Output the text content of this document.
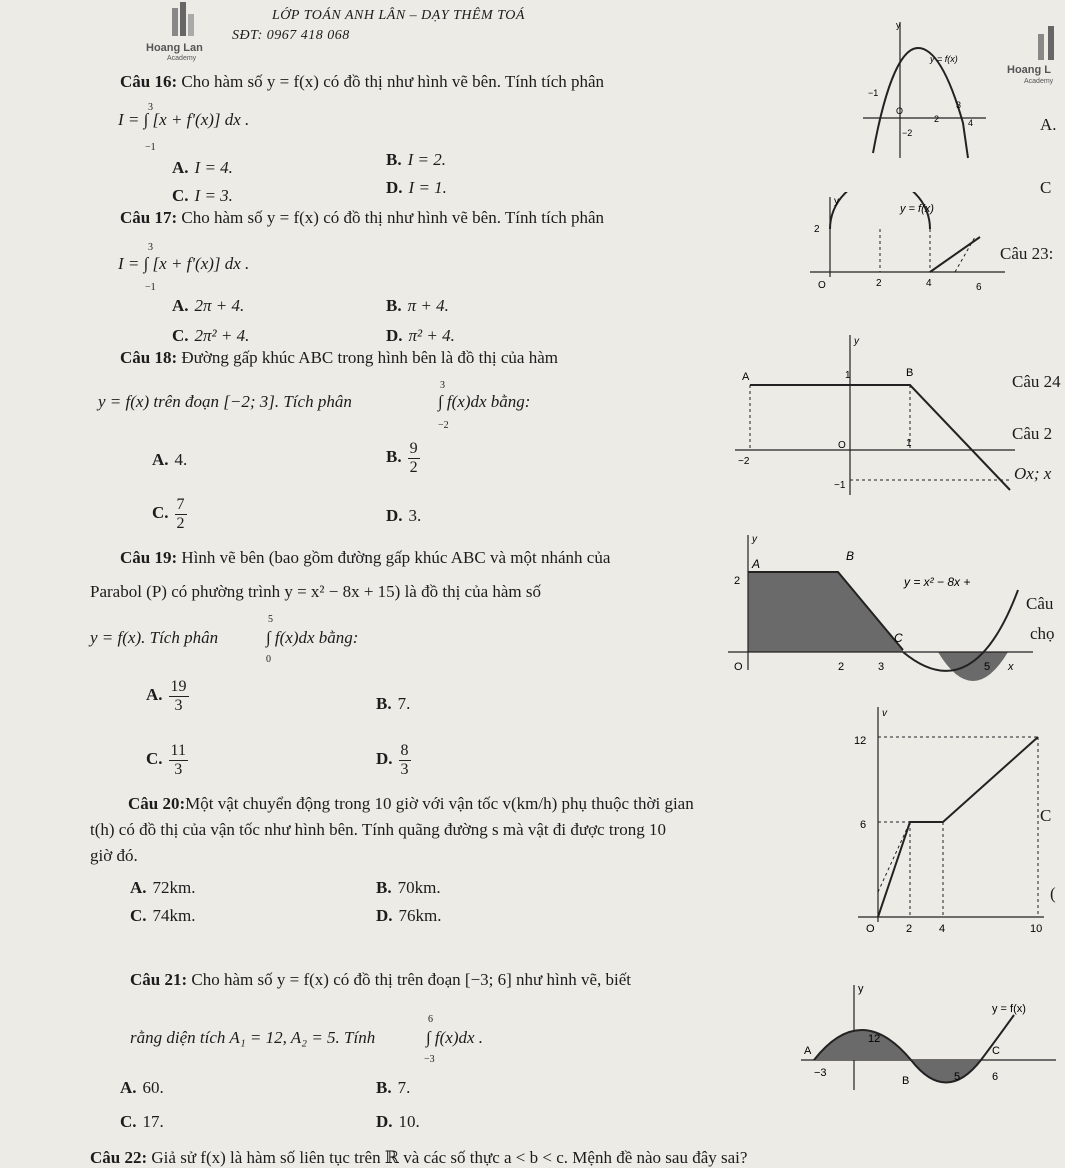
LỚP TOÁN ANH LÂN – DẠY THÊM TOÁ
SĐT: 0967 418 068
Hoang Lan
Academy
Câu 16: Cho hàm số y = f(x) có đồ thị như hình vẽ bên. Tính tích phân
3
−1
I = ∫ [x + f'(x)] dx .
A. I = 4.	B. I = 2.
C. I = 3.	D. I = 1.
y
y = f(x)
−1
O
2
3
4
−2
Hoang L
Academy
A.
C
Câu 17: Cho hàm số y = f(x) có đồ thị như hình vẽ bên. Tính tích phân
3
−1
I = ∫ [x + f'(x)] dx .
A. 2π + 4.	B. π + 4.
C. 2π² + 4.	D. π² + 4.
y
y = f(x)
2
O	2	4	6
Câu 23:
Câu 18: Đường gấp khúc ABC trong hình bên là đồ thị của hàm
y = f(x) trên đoạn [−2; 3]. Tích phân
3
−2
∫ f(x)dx bằng:
A. 4.	B. $\frac{9}{2}$
C. $\frac{7}{2}$	D. 3.
y
A	B
1
−2
O	1
−1
Câu 24
Câu 2
Ox; x
Câu 19: Hình vẽ bên (bao gồm đường gấp khúc ABC và một nhánh của
Parabol (P) có phường trình y = x² − 8x + 15) là đồ thị của hàm số
y = f(x). Tích phân
5
0
∫ f(x)dx bằng:
A. $\frac{19}{3}$	B. 7.
C. $\frac{11}{3}$	D. $\frac{8}{3}$
y
A
B
C
y = x² − 8x +
2
O	2	3	5 x
Câu
chọ
Câu 20:Một vật chuyển động trong 10 giờ với vận tốc v(km/h) phụ thuộc thời gian
t(h) có đồ thị của vận tốc như hình bên. Tính quãng đường s mà vật đi được trong 10
giờ đó.
A. 72km.	B. 70km.
C. 74km.	D. 76km.
v
12
6
O	2 4	10
C
(
Câu 21: Cho hàm số y = f(x) có đồ thị trên đoạn [−3; 6] như hình vẽ, biết
rằng diện tích A₁ = 12, A₂ = 5. Tính
6
−3
∫ f(x)dx .
A. 60.	B. 7.
C. 17.	D. 10.
y
y = f(x)
A
B
C
12
−3	5	6
Câu 22: Giả sử f(x) là hàm số liên tục trên ℝ và các số thực a < b < c. Mệnh đề nào sau đây sai?
